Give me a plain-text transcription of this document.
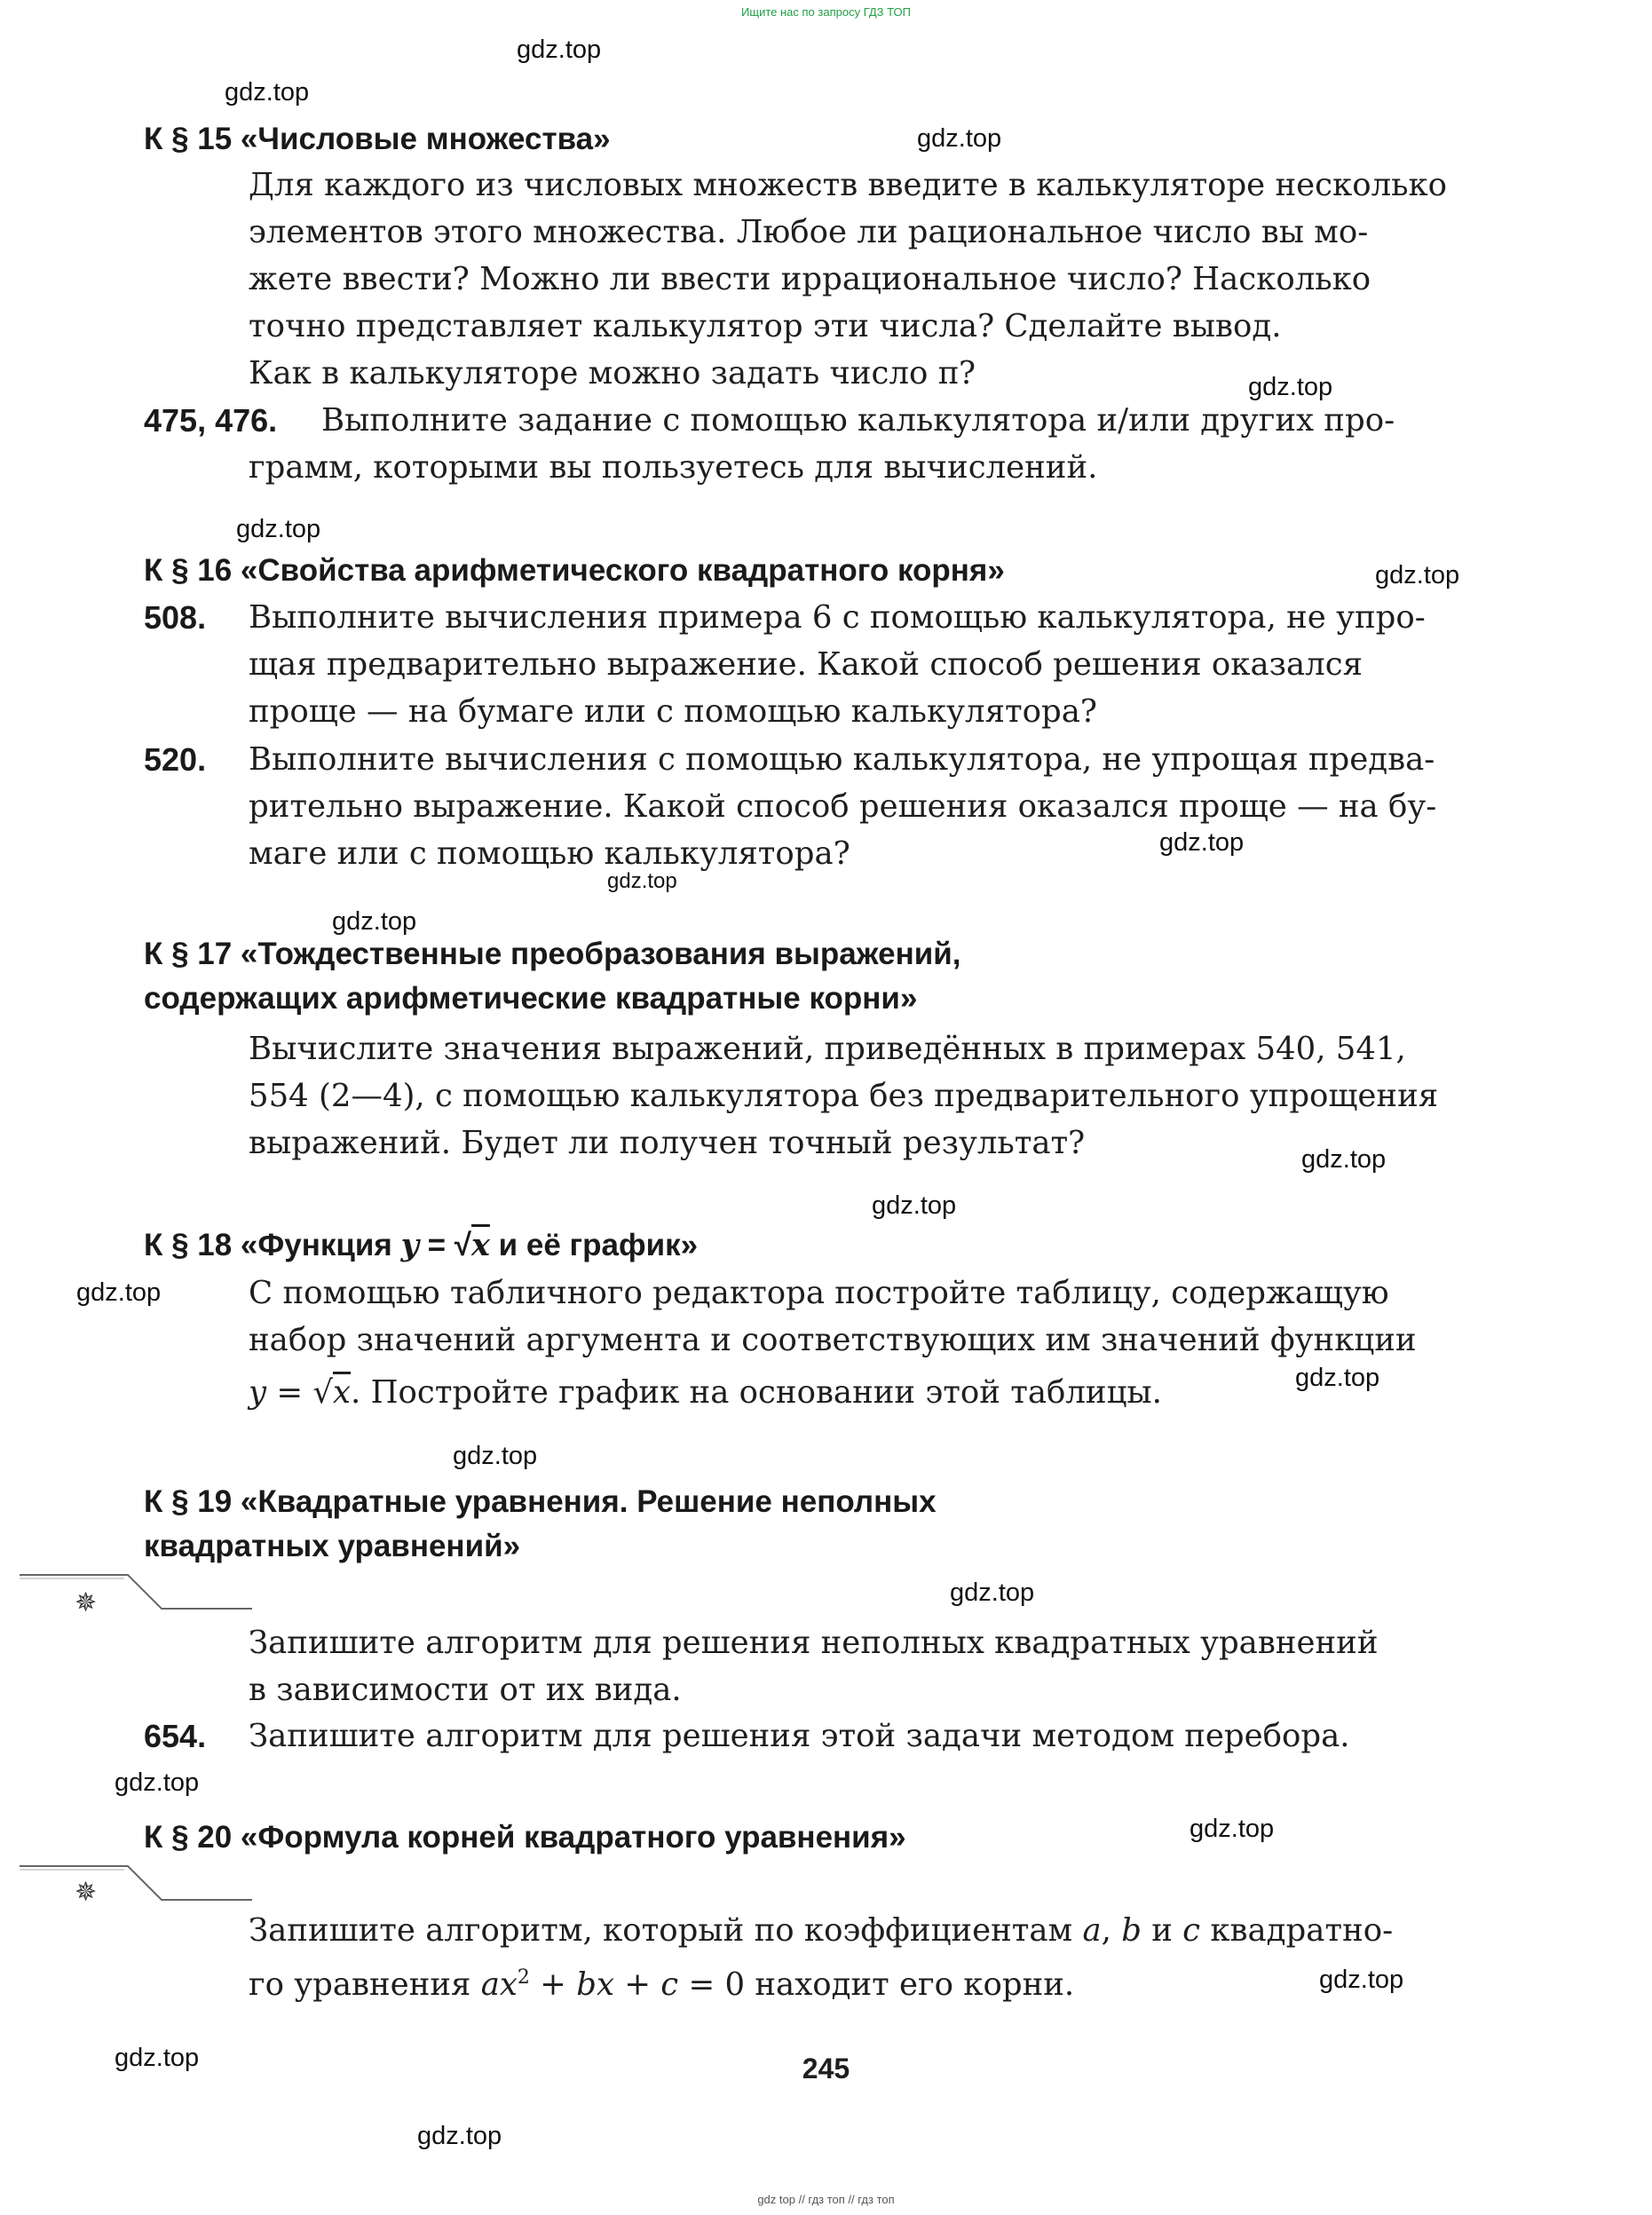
Ищите нас по запросу ГДЗ ТОП
gdz top // гдз топ // гдз топ
gdz.top
gdz.top
gdz.top
gdz.top
gdz.top
gdz.top
gdz.top
gdz.top
gdz.top
gdz.top
gdz.top
gdz.top
gdz.top
gdz.top
gdz.top
gdz.top
gdz.top
gdz.top
gdz.top
gdz.top
К § 15 «Числовые множества»
Для каждого из числовых множеств введите в калькуляторе несколько
элементов этого множества. Любое ли рациональное число вы мо-
жете ввести? Можно ли ввести иррациональное число? Насколько
точно представляет калькулятор эти числа? Сделайте вывод.
Как в калькуляторе можно задать число π?
475, 476. Выполните задание с помощью калькулятора и/или других про-
грамм, которыми вы пользуетесь для вычислений.
К § 16 «Свойства арифметического квадратного корня»
508. Выполните вычисления примера 6 с помощью калькулятора, не упро-
щая предварительно выражение. Какой способ решения оказался
проще — на бумаге или с помощью калькулятора?
520. Выполните вычисления с помощью калькулятора, не упрощая предва-
рительно выражение. Какой способ решения оказался проще — на бу-
маге или с помощью калькулятора?
К § 17 «Тождественные преобразования выражений,
содержащих арифметические квадратные корни»
Вычислите значения выражений, приведённых в примерах 540, 541,
554 (2—4), с помощью калькулятора без предварительного упрощения
выражений. Будет ли получен точный результат?
К § 18 «Функция y = √x и её график»
С помощью табличного редактора постройте таблицу, содержащую
набор значений аргумента и соответствующих им значений функции
y = √x. Постройте график на основании этой таблицы.
К § 19 «Квадратные уравнения. Решение неполных
квадратных уравнений»
✵
Запишите алгоритм для решения неполных квадратных уравнений
в зависимости от их вида.
654. Запишите алгоритм для решения этой задачи методом перебора.
К § 20 «Формула корней квадратного уравнения»
✵
Запишите алгоритм, который по коэффициентам a, b и c квадратно-
го уравнения $ax^2$ + bx + c = 0 находит его корни.
245
